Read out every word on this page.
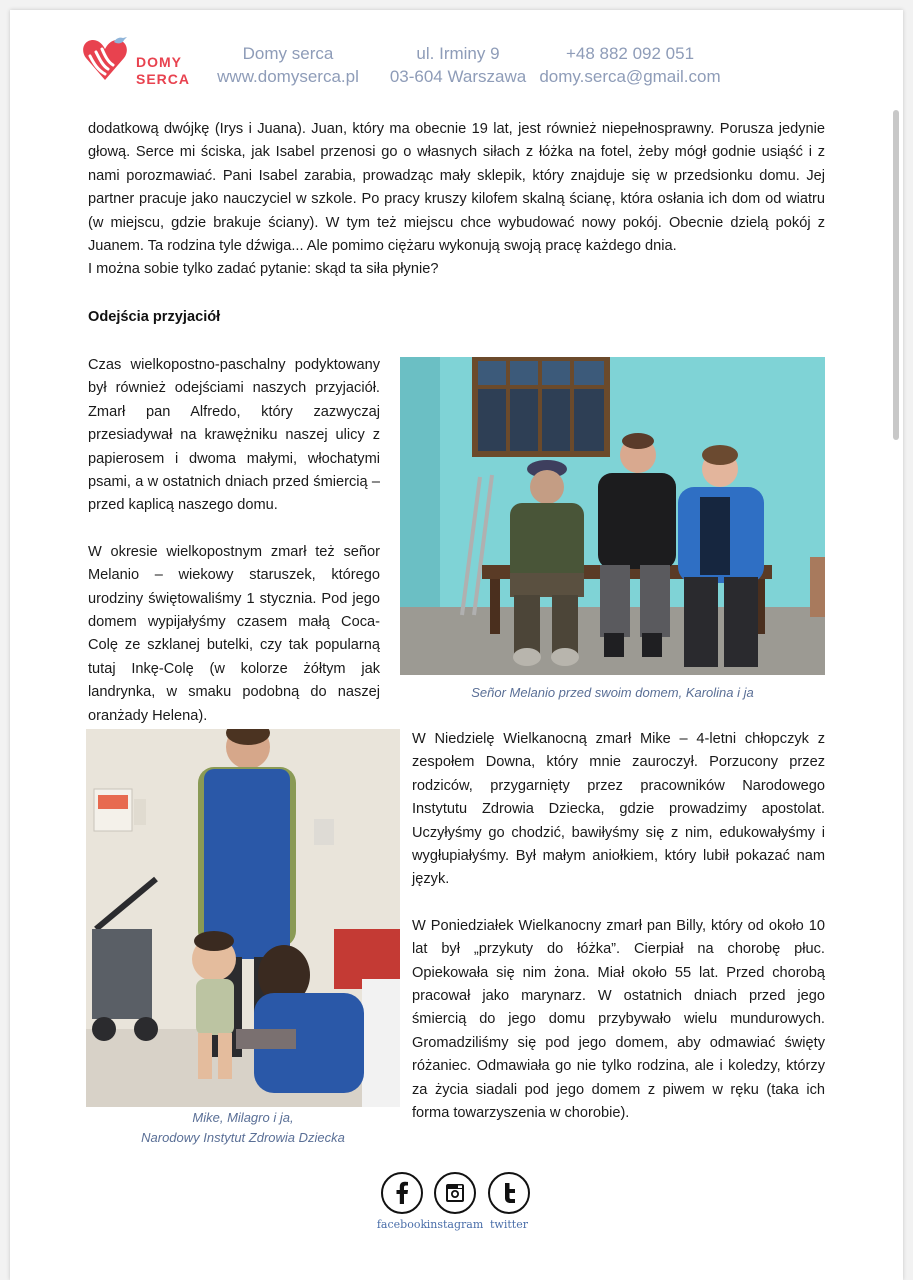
DOMY
SERCA
Domy serca
www.domyserca.pl
ul. Irminy 9
03-604 Warszawa
+48 882 092 051
domy.serca@gmail.com

dodatkową dwójkę (Irys i Juana). Juan, który ma obecnie 19 lat, jest również niepełnosprawny. Porusza jedynie głową. Serce mi ściska, jak Isabel przenosi go o własnych siłach z łóżka na fotel, żeby mógł godnie usiąść i z nami porozmawiać. Pani Isabel zarabia, prowadząc mały sklepik, który znajduje się w przedsionku domu. Jej partner pracuje jako nauczyciel w szkole. Po pracy kruszy kilofem skalną ścianę, która osłania ich dom od wiatru (w miejscu, gdzie brakuje ściany). W tym też miejscu chce wybudować nowy pokój. Obecnie dzielą pokój z Juanem. Ta rodzina tyle dźwiga... Ale pomimo ciężaru wykonują swoją pracę każdego dnia.

I można sobie tylko zadać pytanie: skąd ta siła płynie?

Odejścia przyjaciół

Czas wielkopostno-paschalny podyktowany był również odejściami naszych przyjaciół. Zmarł pan Alfredo, który zazwyczaj przesiadywał na krawężniku naszej ulicy z papierosem i dwoma małymi, włochatymi psami, a w ostatnich dniach przed śmiercią – przed kaplicą naszego domu.

W okresie wielkopostnym zmarł też señor Melanio – wiekowy staruszek, którego urodziny świętowaliśmy 1 stycznia. Pod jego domem wypijałyśmy czasem małą Coca-Colę ze szklanej butelki, czy tak popularną tutaj Inkę-Colę (w kolorze żółtym jak landrynka, w smaku podobną do naszej oranżady Helena).

Señor Melanio przed swoim domem, Karolina i ja
Mike, Milagro i ja,
Narodowy Instytut Zdrowia Dziecka

W Niedzielę Wielkanocną zmarł Mike – 4-letni chłopczyk z zespołem Downa, który mnie zauroczył. Porzucony przez rodziców, przygarnięty przez pracowników Narodowego Instytutu Zdrowia Dziecka, gdzie prowadzimy apostolat. Uczyłyśmy go chodzić, bawiłyśmy się z nim, edukowałyśmy i wygłupiałyśmy. Był małym aniołkiem, który lubił pokazać nam język.

W Poniedziałek Wielkanocny zmarł pan Billy, który od około 10 lat był „przykuty do łóżka”. Cierpiał na chorobę płuc. Opiekowała się nim żona. Miał około 55 lat. Przed chorobą pracował jako marynarz. W ostatnich dniach przed jego śmiercią do jego domu przybywało wielu mundurowych. Gromadziliśmy się pod jego domem, aby odmawiać święty różaniec. Odmawiała go nie tylko rodzina, ale i koledzy, którzy za życia siadali pod jego domem z piwem w ręku (taka ich forma towarzyszenia w chorobie).

facebook instagram twitter
